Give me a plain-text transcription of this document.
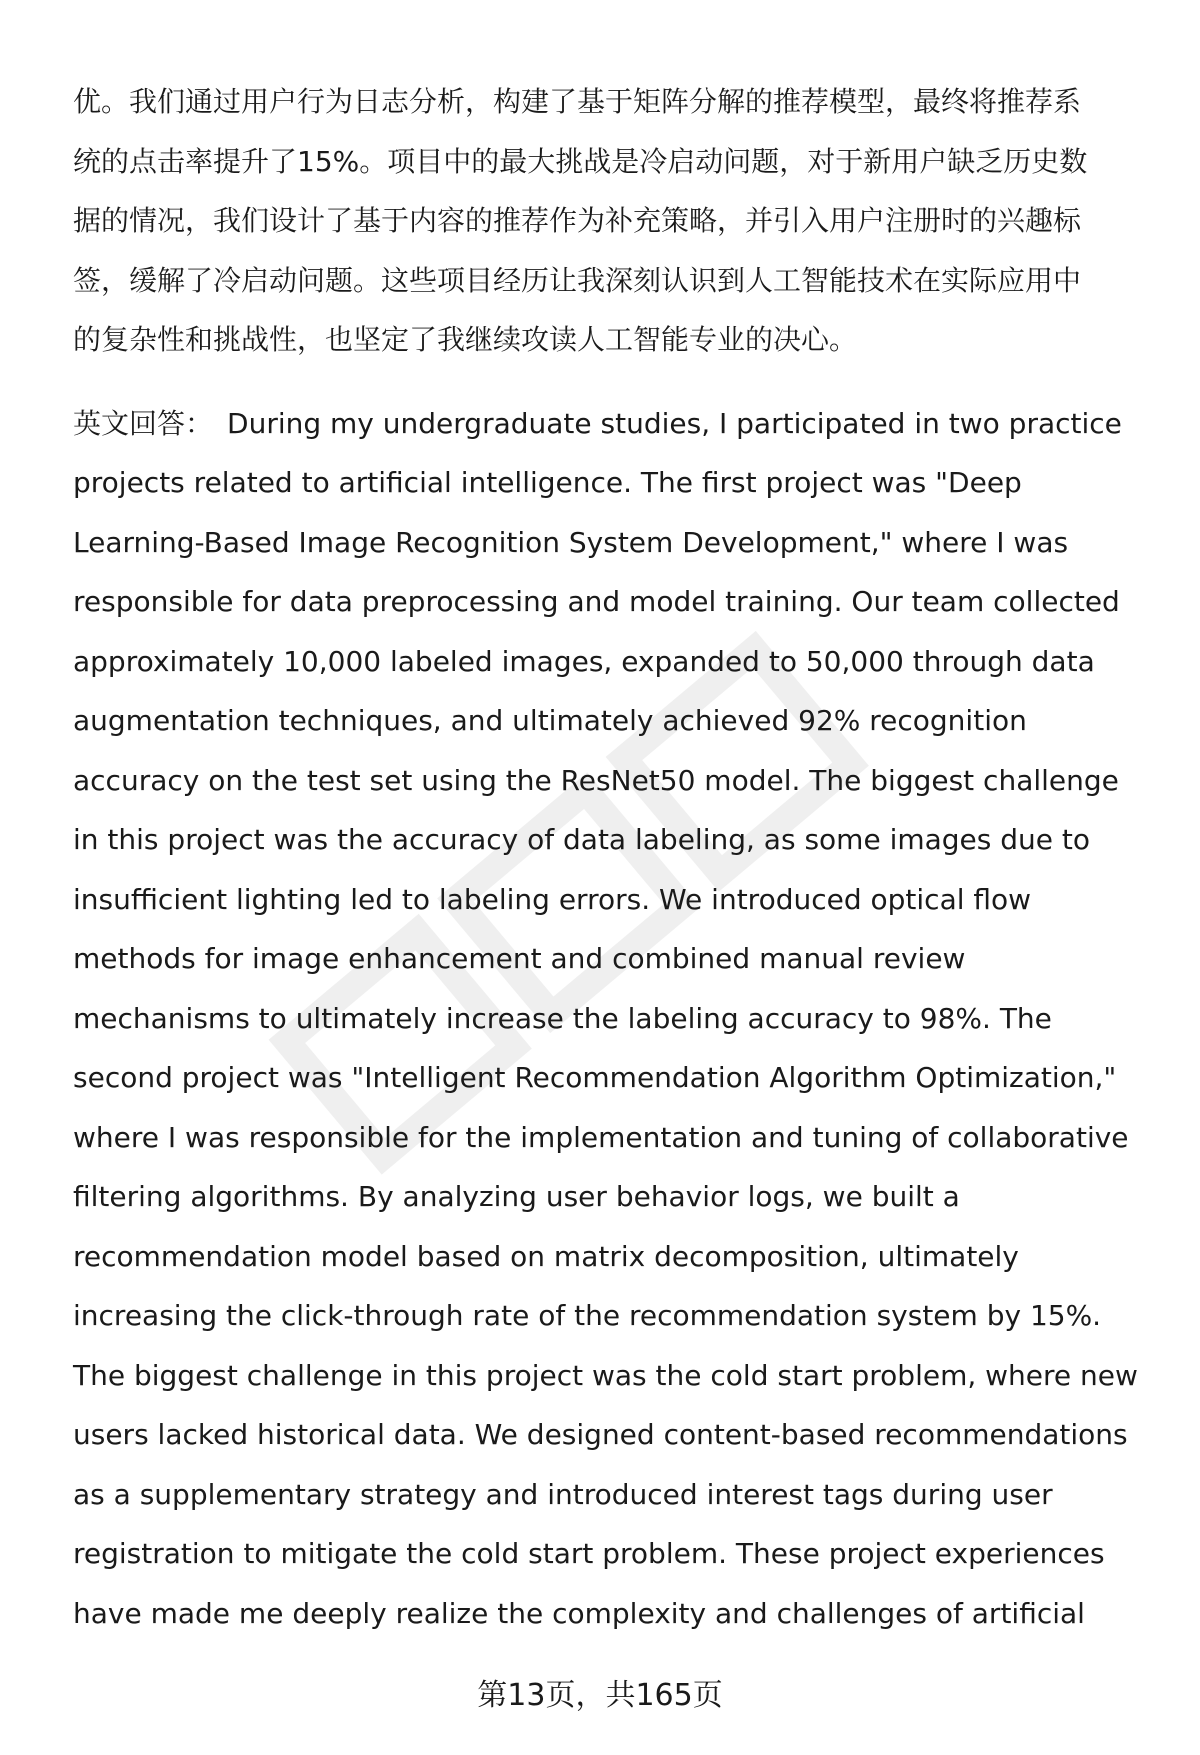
优。我们通过用户行为日志分析，构建了基于矩阵分解的推荐模型，最终将推荐系
统的点击率提升了15%。项目中的最大挑战是冷启动问题，对于新用户缺乏历史数
据的情况，我们设计了基于内容的推荐作为补充策略，并引入用户注册时的兴趣标
签，缓解了冷启动问题。这些项目经历让我深刻认识到人工智能技术在实际应用中
的复杂性和挑战性，也坚定了我继续攻读人工智能专业的决心。

英文回答： During my undergraduate studies, I participated in two practice
projects related to artificial intelligence. The first project was "Deep
Learning-Based Image Recognition System Development," where I was
responsible for data preprocessing and model training. Our team collected
approximately 10,000 labeled images, expanded to 50,000 through data
augmentation techniques, and ultimately achieved 92% recognition
accuracy on the test set using the ResNet50 model. The biggest challenge
in this project was the accuracy of data labeling, as some images due to
insufficient lighting led to labeling errors. We introduced optical flow
methods for image enhancement and combined manual review
mechanisms to ultimately increase the labeling accuracy to 98%. The
second project was "Intelligent Recommendation Algorithm Optimization,"
where I was responsible for the implementation and tuning of collaborative
filtering algorithms. By analyzing user behavior logs, we built a
recommendation model based on matrix decomposition, ultimately
increasing the click-through rate of the recommendation system by 15%.
The biggest challenge in this project was the cold start problem, where new
users lacked historical data. We designed content-based recommendations
as a supplementary strategy and introduced interest tags during user
registration to mitigate the cold start problem. These project experiences
have made me deeply realize the complexity and challenges of artificial

第13页，共165页
